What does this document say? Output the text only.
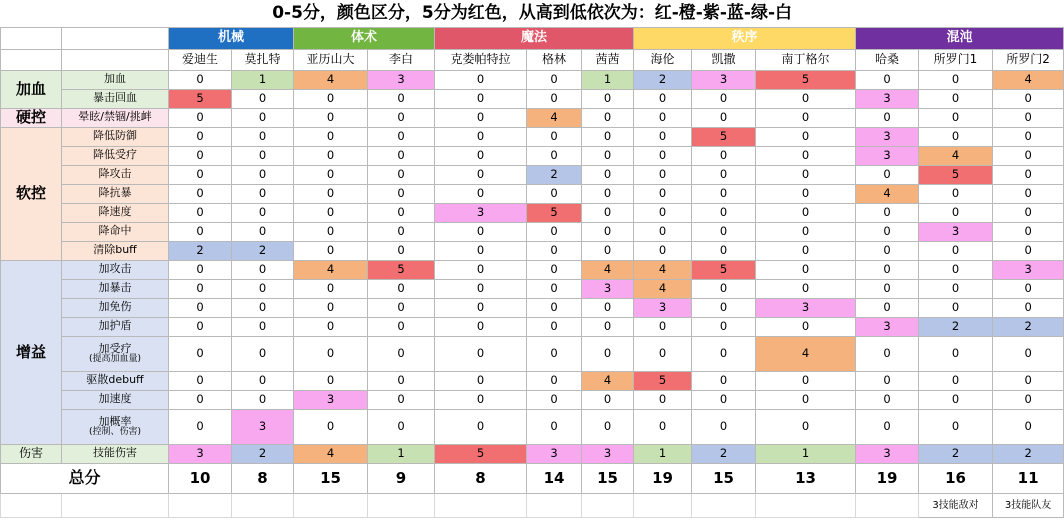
0-5分，颜色区分，5分为红色，从高到低依次为：红-橙-紫-蓝-绿-白														
		机械		体术		魔法			秩序			混沌		
		爱迪生	莫扎特	亚历山大	李白	克娄帕特拉	格林	茜茜	海伦	凯撒	南丁格尔	哈桑	所罗门1	所罗门2
加血	加血	0	1	4	3	0	0	1	2	3	5	0	0	4

	暴击回血	5	0	0	0	0	0	0	0	0	0	3	0	0
硬控	晕眩/禁锢/挑衅	0	0	0	0	0	4	0	0	0	0	0	0	0
软控	降低防御	0	0	0	0	0	0	0	0	5	0	3	0	0

	降低受疗	0	0	0	0	0	0	0	0	0	0	3	4	0

	降攻击	0	0	0	0	0	2	0	0	0	0	0	5	0

	降抗暴	0	0	0	0	0	0	0	0	0	0	4	0	0

	降速度	0	0	0	0	3	5	0	0	0	0	0	0	0

	降命中	0	0	0	0	0	0	0	0	0	0	0	3	0

	清除buff	2	2	0	0	0	0	0	0	0	0	0	0	0
增益	加攻击	0	0	4	5	0	0	4	4	5	0	0	0	3

	加暴击	0	0	0	0	0	0	3	4	0	0	0	0	0

	加免伤	0	0	0	0	0	0	0	3	0	3	0	0	0

	加护盾	0	0	0	0	0	0	0	0	0	0	3	2	2

	加受疗
(提高加血量)	0	0	0	0	0	0	0	0	0	4	0	0	0

	驱散debuff	0	0	0	0	0	0	4	5	0	0	0	0	0

	加速度	0	0	3	0	0	0	0	0	0	0	0	0	0

	加概率
(控制、伤害)	0	3	0	0	0	0	0	0	0	0	0	0	0
伤害	技能伤害	3	2	4	1	5	3	3	1	2	1	3	2	2
总分		10	8	15	9	8	14	15	19	15	13	19	16	11
													3技能敌对	3技能队友
